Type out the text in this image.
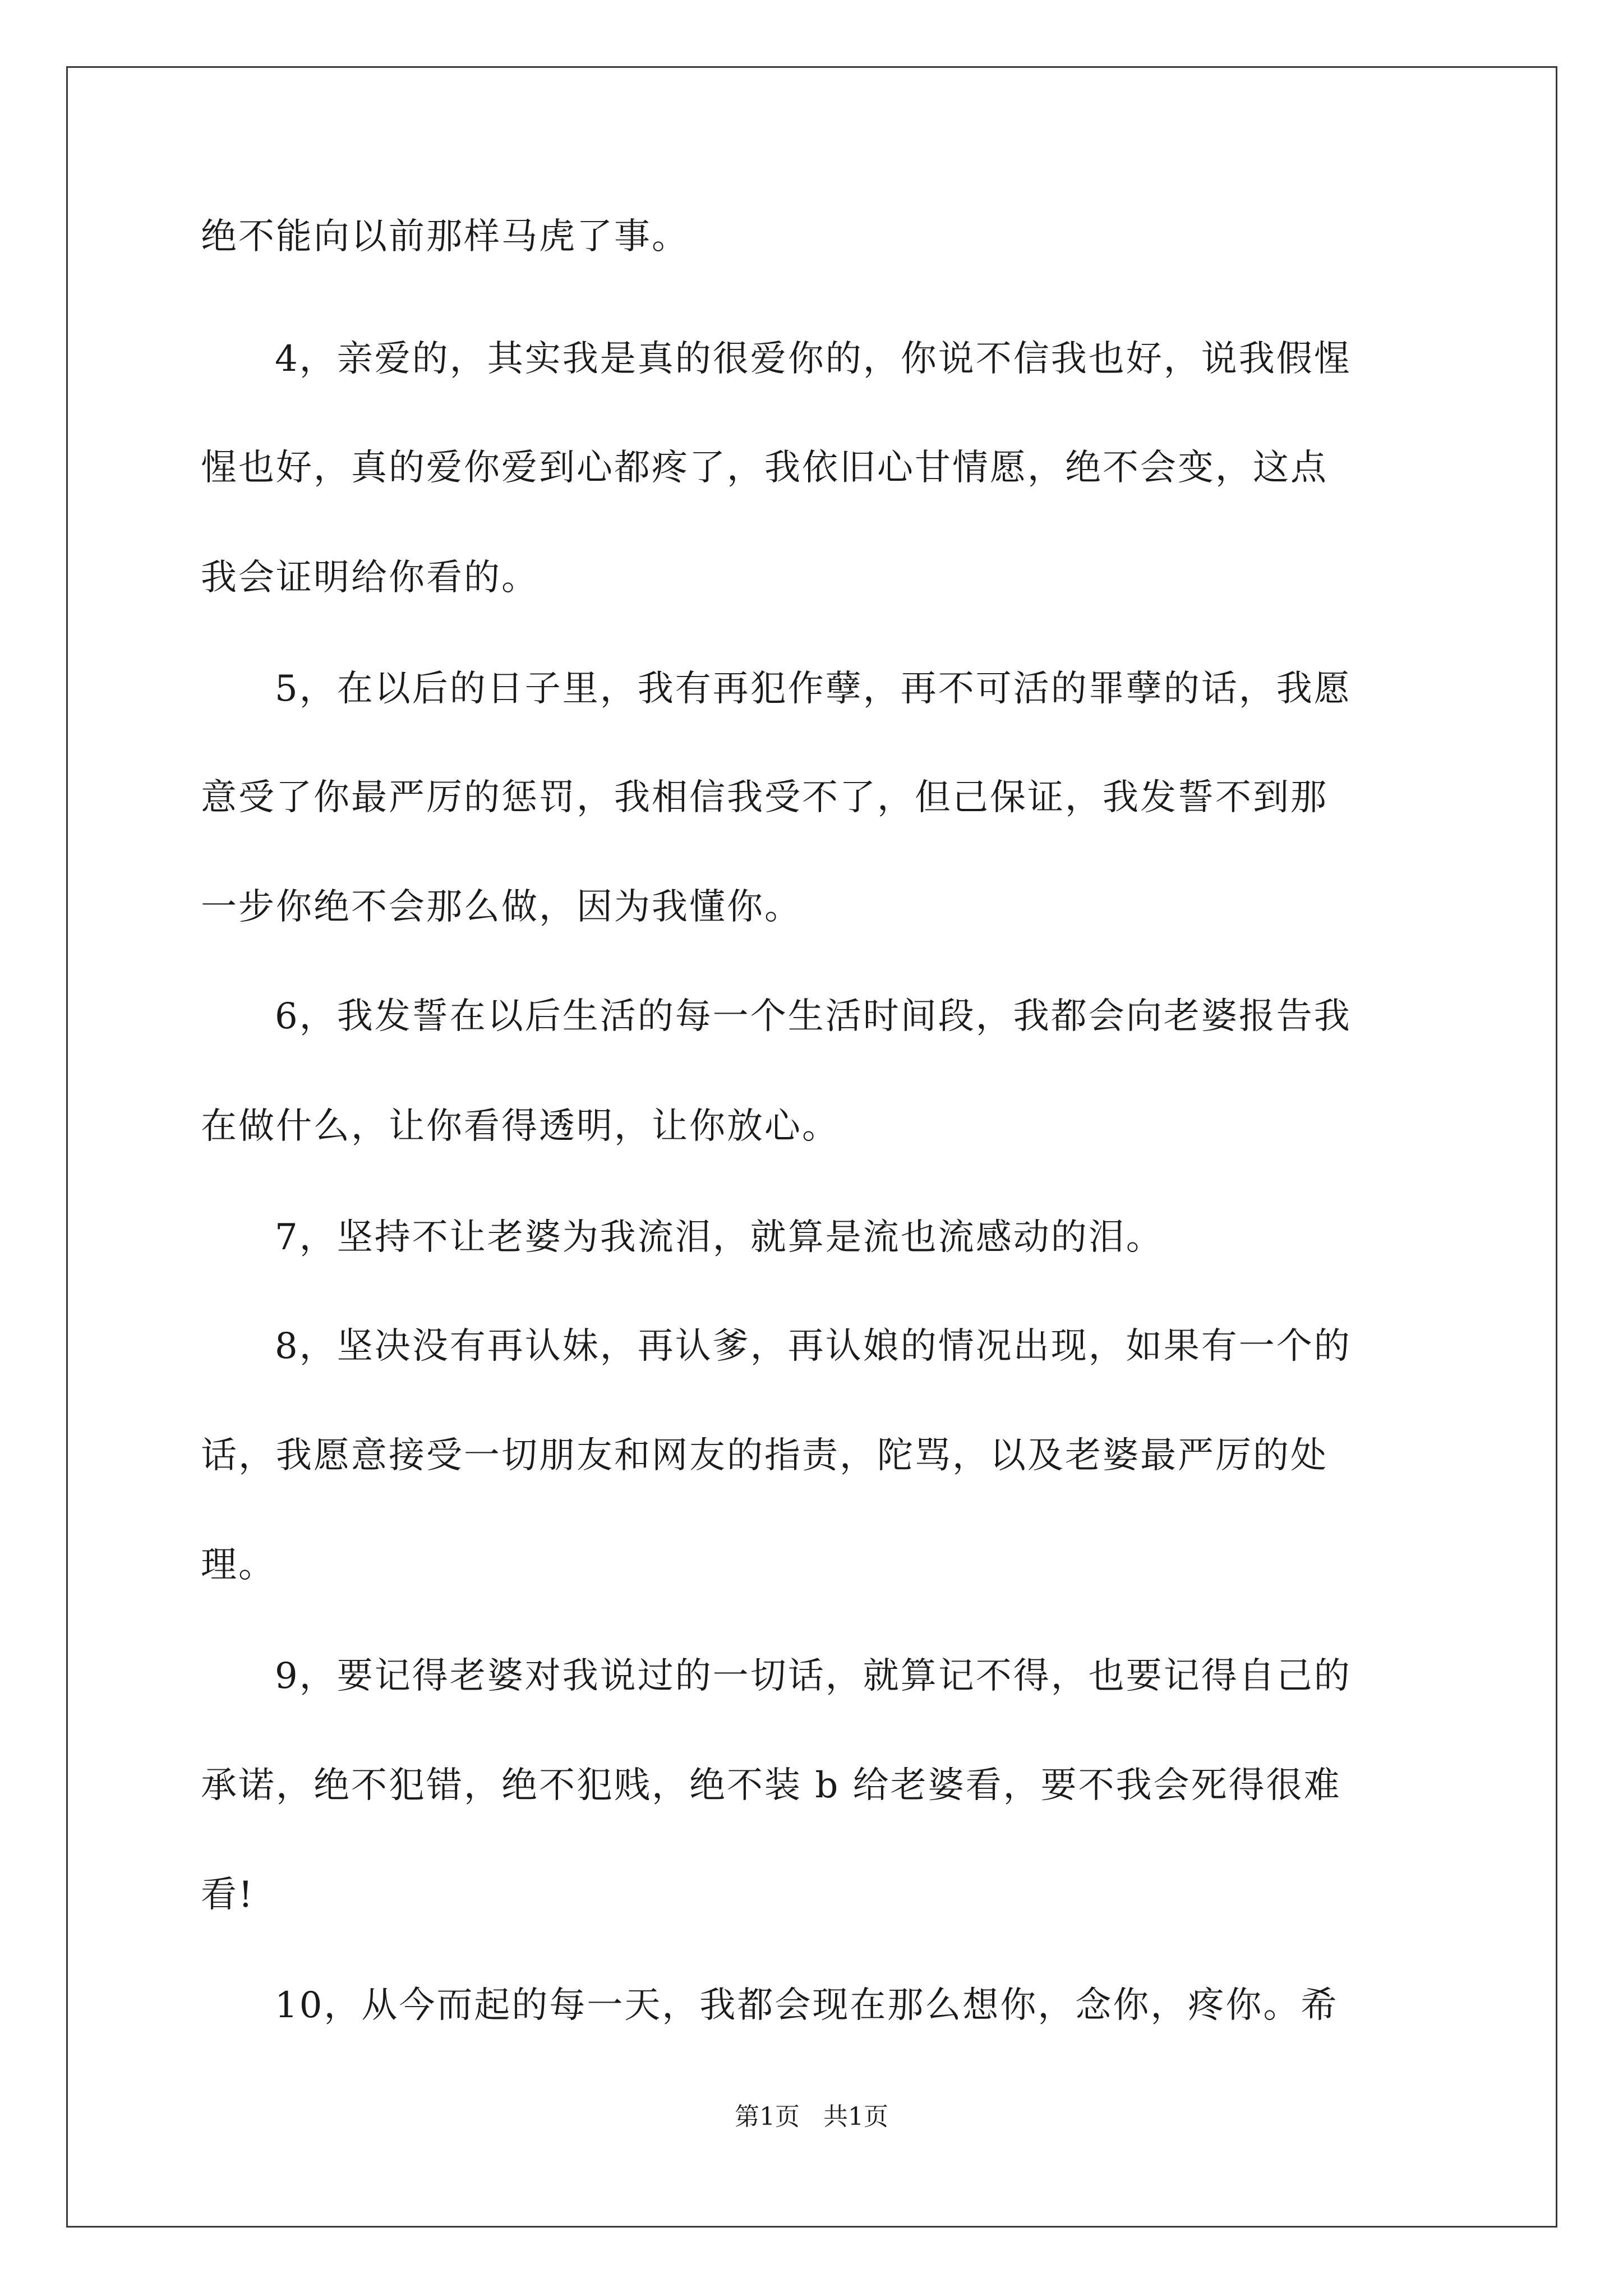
绝不能向以前那样马虎了事。
4，亲爱的，其实我是真的很爱你的，你说不信我也好，说我假惺
惺也好，真的爱你爱到心都疼了，我依旧心甘情愿，绝不会变，这点
我会证明给你看的。
5，在以后的日子里，我有再犯作孽，再不可活的罪孽的话，我愿
意受了你最严厉的惩罚，我相信我受不了，但己保证，我发誓不到那
一步你绝不会那么做，因为我懂你。
6，我发誓在以后生活的每一个生活时间段，我都会向老婆报告我
在做什么，让你看得透明，让你放心。
7，坚持不让老婆为我流泪，就算是流也流感动的泪。
8，坚决没有再认妹，再认爹，再认娘的情况出现，如果有一个的
话，我愿意接受一切朋友和网友的指责，陀骂，以及老婆最严厉的处
理。
9，要记得老婆对我说过的一切话，就算记不得，也要记得自己的
承诺，绝不犯错，绝不犯贱，绝不装 b 给老婆看，要不我会死得很难
看!
10，从今而起的每一天，我都会现在那么想你，念你，疼你。希
第1页   共1页
